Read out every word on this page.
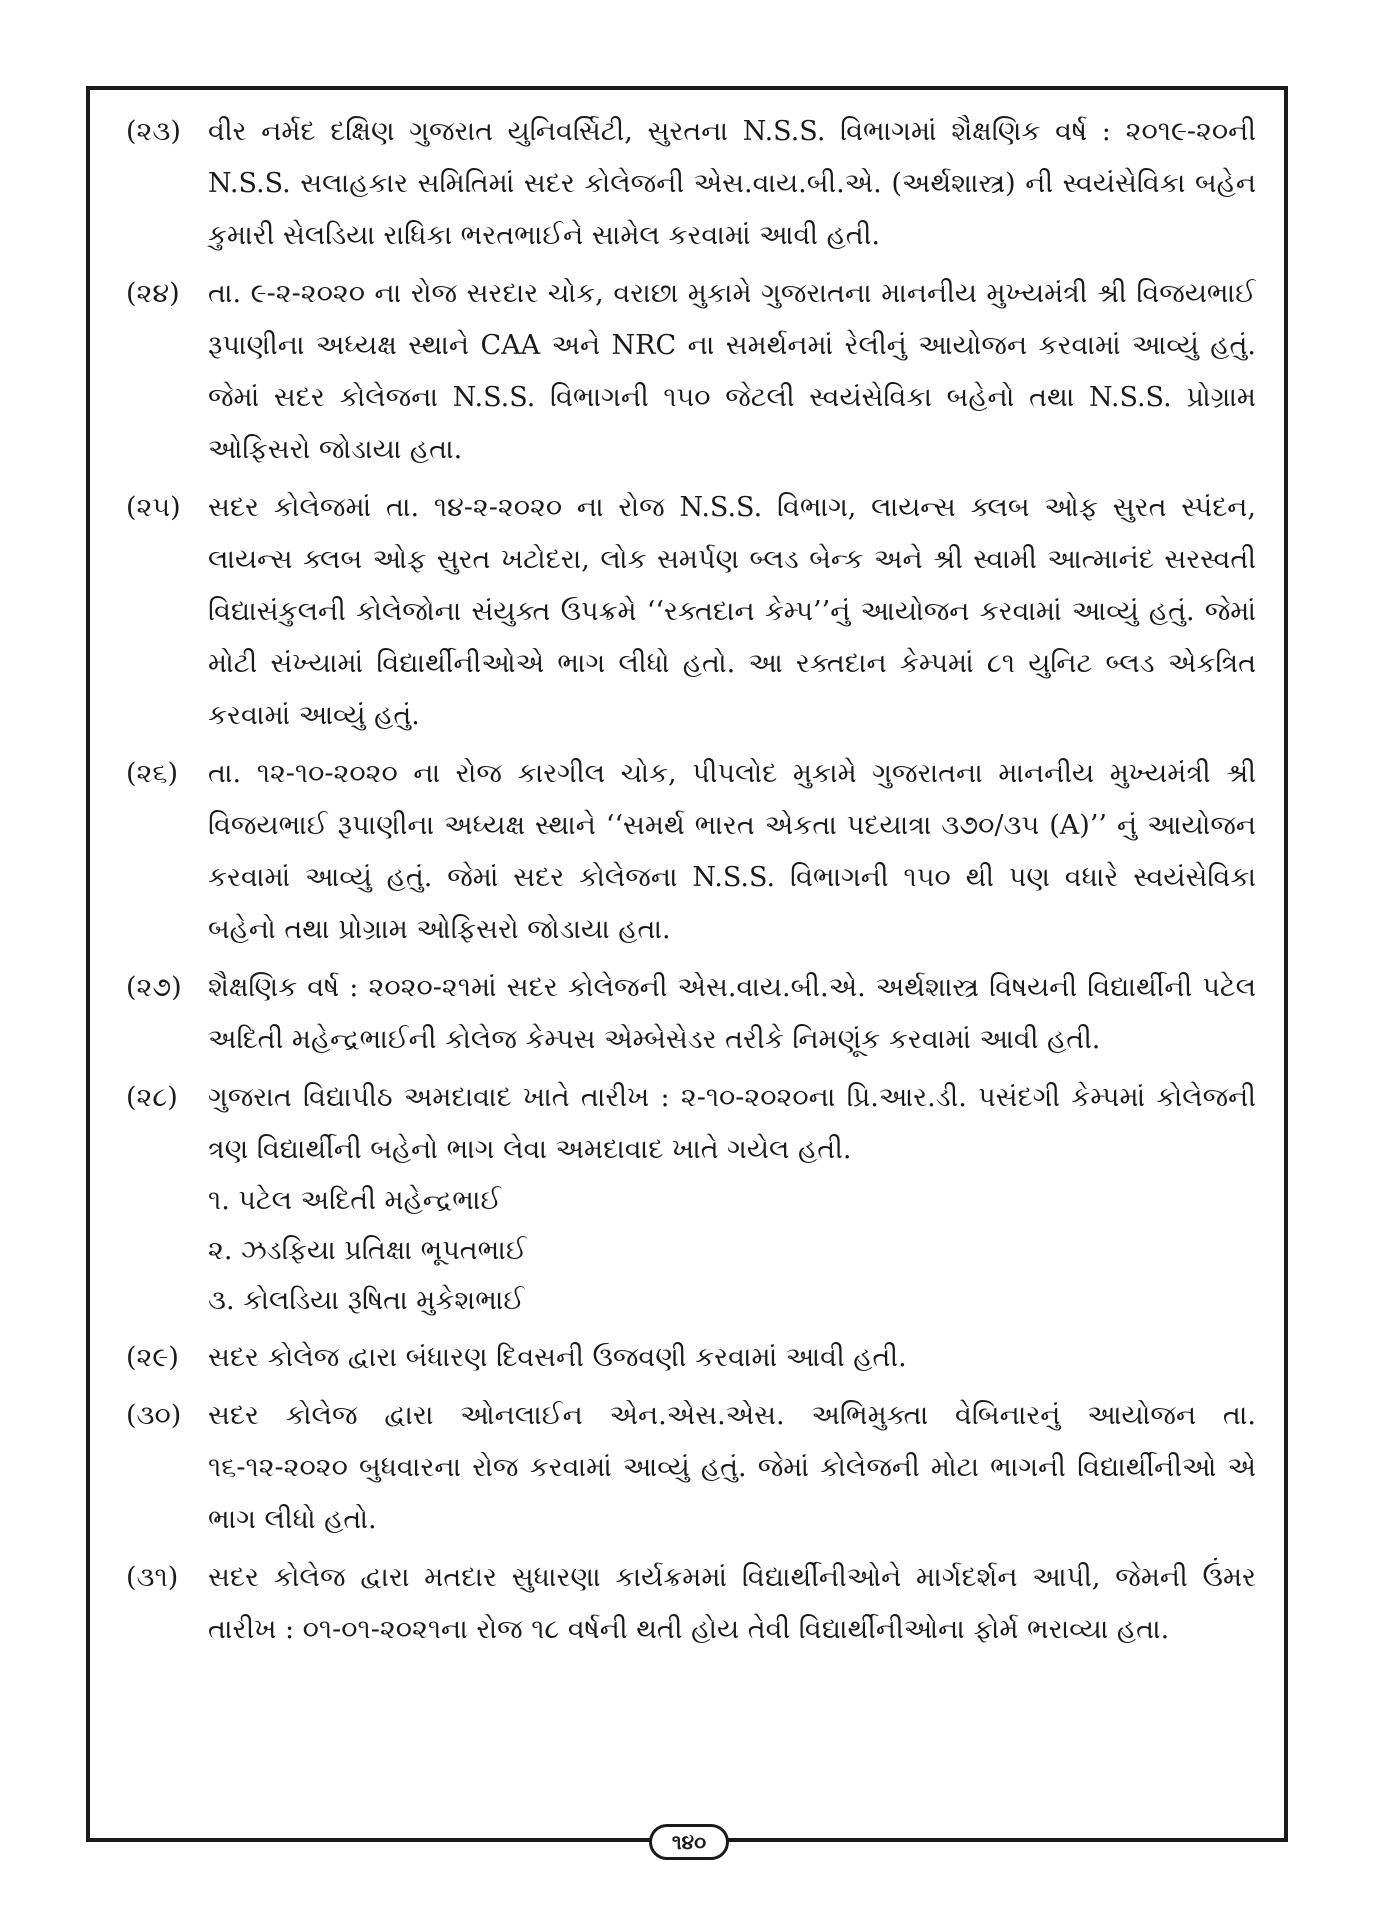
(૨૩)	વીર નર્મદ દક્ષિણ ગુજરાત યુનિવર્સિટી, સુરતના N.S.S. વિભાગમાં શૈક્ષણિક વર્ષ : ૨૦૧૯-૨૦ની N.S.S. સલાહકાર સમિતિમાં સદર કોલેજની એસ.વાય.બી.એ. (અર્થશાસ્ત્ર) ની સ્વયંસેવિકા બહેન કુમારી સેલડિયા રાધિકા ભરતભાઈને સામેલ કરવામાં આવી હતી.
(૨૪)	તા. ૯-૨-૨૦૨૦ ના રોજ સરદાર ચોક, વરાછા મુકામે ગુજરાતના માનનીય મુખ્યમંત્રી શ્રી વિજયભાઈ રૂપાણીના અધ્યક્ષ સ્થાને CAA અને NRC ના સમર્થનમાં રેલીનું આયોજન કરવામાં આવ્યું હતું. જેમાં સદર કોલેજના N.S.S. વિભાગની ૧૫૦ જેટલી સ્વયંસેવિકા બહેનો તથા N.S.S. પ્રોગ્રામ ઓફિસરો જોડાયા હતા.
(૨૫)	સદર કોલેજમાં તા. ૧૪-૨-૨૦૨૦ ના રોજ N.S.S. વિભાગ, લાયન્સ ક્લબ ઓફ સુરત સ્પંદન, લાયન્સ ક્લબ ઓફ સુરત ખટોદરા, લોક સમર્પણ બ્લડ બેન્ક અને શ્રી સ્વામી આત્માનંદ સરસ્વતી વિદ્યાસંકુલની કોલેજોના સંયુક્ત ઉપક્રમે ‘‘રક્તદાન કેમ્પ’’નું આયોજન કરવામાં આવ્યું હતું. જેમાં મોટી સંખ્યામાં વિદ્યાર્થીનીઓએ ભાગ લીધો હતો. આ રક્તદાન કેમ્પમાં ૮૧ યુનિટ બ્લડ એકત્રિત કરવામાં આવ્યું હતું.
(૨૬)	તા. ૧૨-૧૦-૨૦૨૦ ના રોજ કારગીલ ચોક, પીપલોદ મુકામે ગુજરાતના માનનીય મુખ્યમંત્રી શ્રી વિજયભાઈ રૂપાણીના અધ્યક્ષ સ્થાને ‘‘સમર્થ ભારત એકતા પદયાત્રા ૩૭૦/૩૫ (A)’’ નું આયોજન કરવામાં આવ્યું હતું. જેમાં સદર કોલેજના N.S.S. વિભાગની ૧૫૦ થી પણ વધારે સ્વયંસેવિકા બહેનો તથા પ્રોગ્રામ ઓફિસરો જોડાયા હતા.
(૨૭) શૈક્ષણિક વર્ષ : ૨૦૨૦-૨૧માં સદર કોલેજની એસ.વાય.બી.એ. અર્થશાસ્ત્ર વિષયની વિદ્યાર્થીની પટેલ અદિતી મહેન્દ્રભાઈની કોલેજ કેમ્પસ એમ્બેસેડર તરીકે નિમણૂંક કરવામાં આવી હતી.
(૨૮)	ગુજરાત વિદ્યાપીઠ અમદાવાદ ખાતે તારીખ : ૨-૧૦-૨૦૨૦ના પ્રિ.આર.ડી. પસંદગી કેમ્પમાં કોલેજની ત્રણ વિદ્યાર્થીની બહેનો ભાગ લેવા અમદાવાદ ખાતે ગયેલ હતી.
૧. પટેલ અદિતી મહેન્દ્રભાઈ
૨. ઝડફિયા પ્રતિક્ષા ભૂપતભાઈ
૩. કોલડિયા રૂષિતા મુકેશભાઈ
(૨૯)	સદર કોલેજ દ્વારા બંધારણ દિવસની ઉજવણી કરવામાં આવી હતી.
(૩૦) સદર કોલેજ દ્વારા ઓનલાઈન એન.એસ.એસ. અભિમુક્તા વેબિનારનું આયોજન તા. ૧૬-૧૨-૨૦૨૦ બુધવારના રોજ કરવામાં આવ્યું હતું. જેમાં કોલેજની મોટા ભાગની વિદ્યાર્થીનીઓ એ ભાગ લીધો હતો.
(૩૧)	સદર કોલેજ દ્વારા મતદાર સુધારણા કાર્યક્રમમાં વિદ્યાર્થીનીઓને માર્ગદર્શન આપી, જેમની ઉંમર તારીખ : ૦૧-૦૧-૨૦૨૧ના રોજ ૧૮ વર્ષની થતી હોય તેવી વિદ્યાર્થીનીઓના ફોર્મ ભરાવ્યા હતા.
૧૪૦
